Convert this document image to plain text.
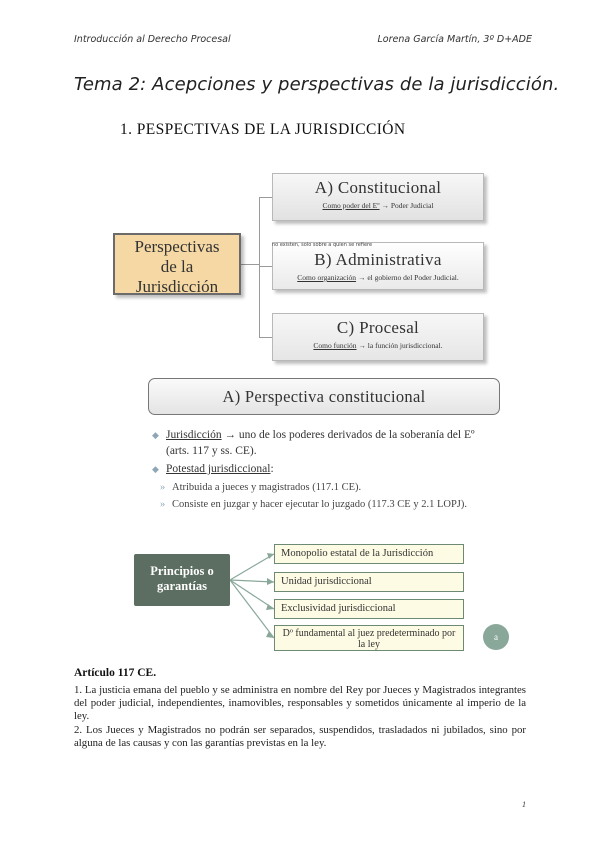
Introducción al Derecho Procesal	Lorena García Martín, 3º D+ADE
Tema 2: Acepciones y perspectivas de la jurisdicción.
1. PESPECTIVAS DE LA JURISDICCIÓN
Perspectivas
de la
Jurisdicción
A) Constitucional
Como poder del Eº → Poder Judicial
B) Administrativa
Como organización → el gobierno del Poder Judicial.
no existen, solo sobre a quien se refiere
C) Procesal
Como función → la función jurisdiccional.
A) Perspectiva constitucional
◆ Jurisdicción → uno de los poderes derivados de la soberanía del Eº (arts. 117 y ss. CE).
◆ Potestad jurisdiccional:
» Atribuida a jueces y magistrados (117.1 CE).
» Consiste en juzgar y hacer ejecutar lo juzgado (117.3 CE y 2.1 LOPJ).
Principios o
garantías
Monopolio estatal de la Jurisdicción
Unidad jurisdiccional
Exclusividad jurisdiccional
Dº fundamental al juez predeterminado por la ley
a
Artículo 117 CE.
1. La justicia emana del pueblo y se administra en nombre del Rey por Jueces y Magistrados integrantes del poder judicial, independientes, inamovibles, responsables y sometidos únicamente al imperio de la ley.
2. Los Jueces y Magistrados no podrán ser separados, suspendidos, trasladados ni jubilados, sino por alguna de las causas y con las garantías previstas en la ley.
1
